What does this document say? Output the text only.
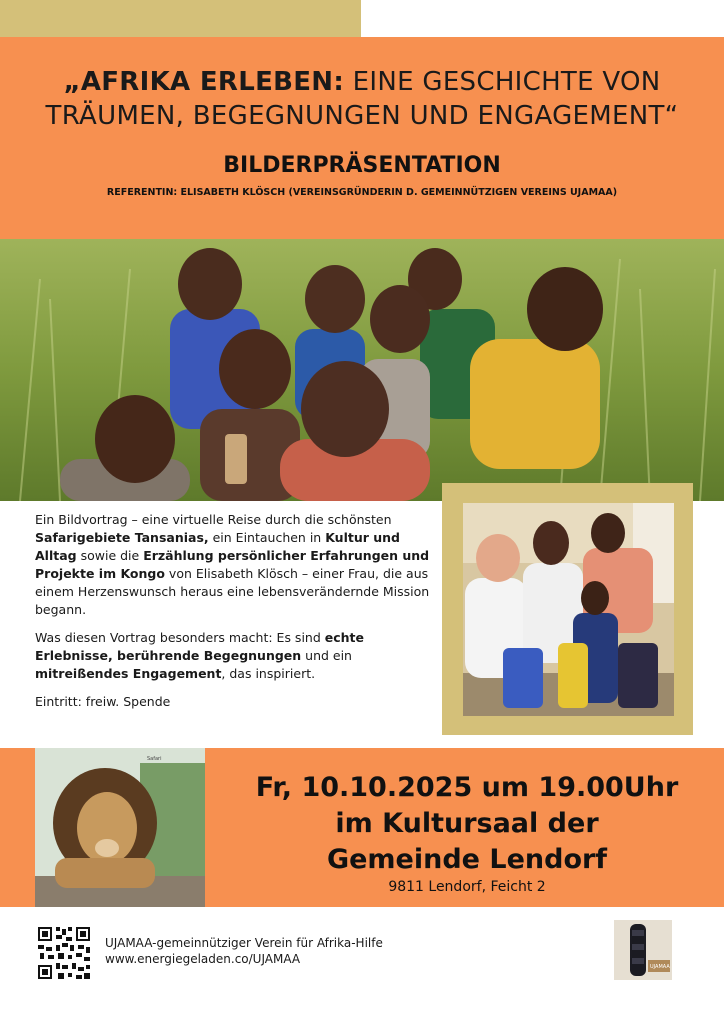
„AFRIKA ERLEBEN: EINE GESCHICHTE VON TRÄUMEN, BEGEGNUNGEN UND ENGAGEMENT“
BILDERPRÄSENTATION
REFERENTIN: ELISABETH KLÖSCH (VEREINSGRÜNDERIN D. GEMEINNÜTZIGEN VEREINS UJAMAA)

Ein Bildvortrag – eine virtuelle Reise durch die schönsten Safarigebiete Tansanias, ein Eintauchen in Kultur und Alltag sowie die Erzählung persönlicher Erfahrungen und Projekte im Kongo von Elisabeth Klösch – einer Frau, die aus einem Herzenswunsch heraus eine lebensverändernde Mission begann.

Was diesen Vortrag besonders macht: Es sind echte Erlebnisse, berührende Begegnungen und ein mitreißendes Engagement, das inspiriert.

Eintritt: freiw. Spende

Safari
Fr, 10.10.2025 um 19.00Uhr
im Kultursaal der
Gemeinde Lendorf
9811 Lendorf, Feicht 2
UJAMAA-gemeinnütziger Verein für Afrika-Hilfe
www.energiegeladen.co/UJAMAA
UJAMAA
